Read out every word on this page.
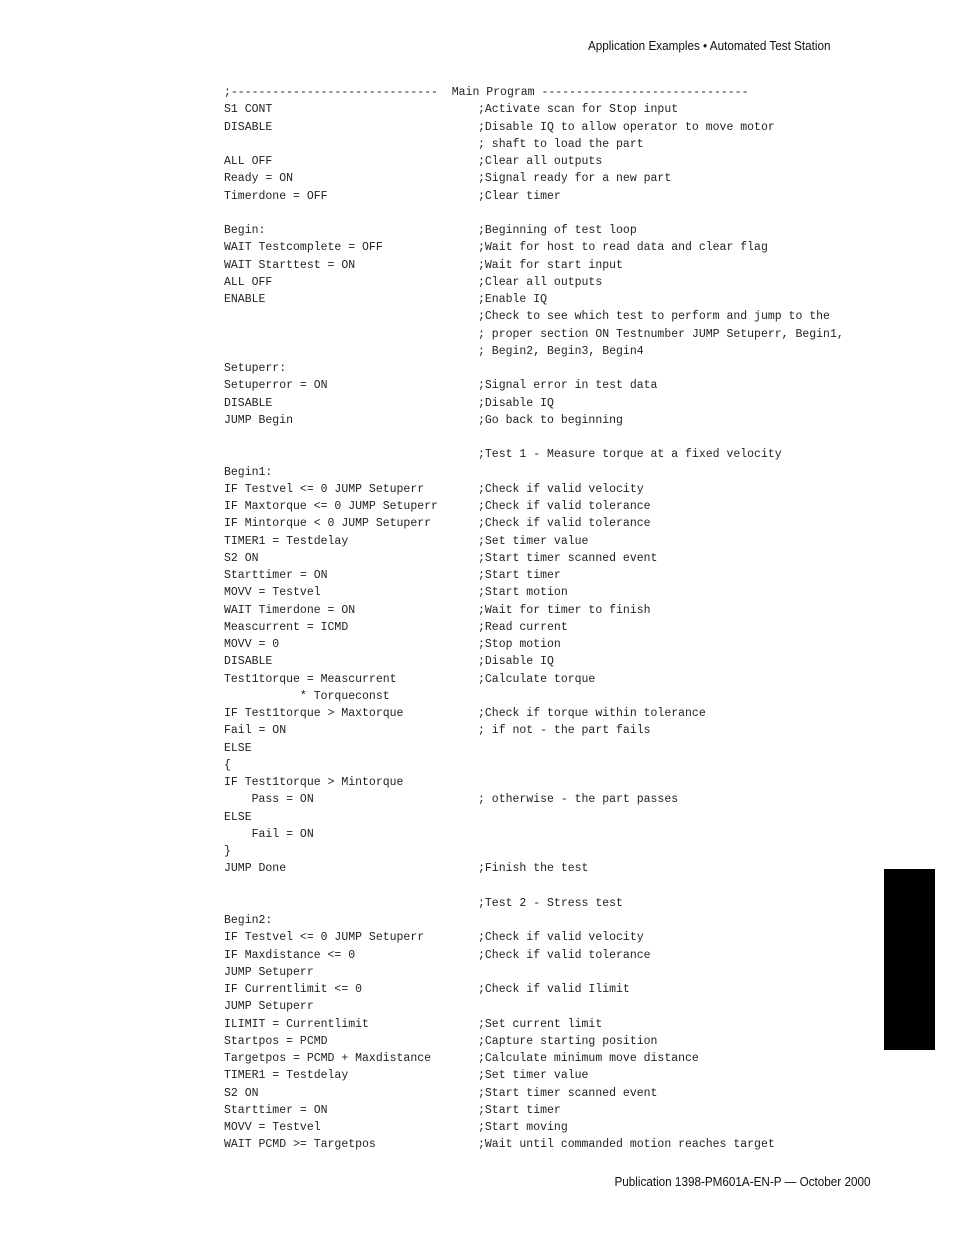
Application Examples • Automated Test Station
;------------------------------  Main Program ------------------------------
S1 CONT	;Activate scan for Stop input
DISABLE	;Disable IQ to allow operator to move motor
; shaft to load the part
ALL OFF	;Clear all outputs
Ready = ON	;Signal ready for a new part
Timerdone = OFF	;Clear timer
Begin:	;Beginning of test loop
WAIT Testcomplete = OFF	;Wait for host to read data and clear flag
WAIT Starttest = ON	;Wait for start input
ALL OFF	;Clear all outputs
ENABLE	;Enable IQ
;Check to see which test to perform and jump to the
; proper section ON Testnumber JUMP Setuperr, Begin1,
; Begin2, Begin3, Begin4
Setuperr:
Setuperror = ON	;Signal error in test data
DISABLE	;Disable IQ
JUMP Begin	;Go back to beginning
;Test 1 - Measure torque at a fixed velocity
Begin1:
IF Testvel <= 0 JUMP Setuperr	;Check if valid velocity
IF Maxtorque <= 0 JUMP Setuperr	;Check if valid tolerance
IF Mintorque < 0 JUMP Setuperr	;Check if valid tolerance
TIMER1 = Testdelay	;Set timer value
S2 ON	;Start timer scanned event
Starttimer = ON	;Start timer
MOVV = Testvel	;Start motion
WAIT Timerdone = ON	;Wait for timer to finish
Meascurrent = ICMD	;Read current
MOVV = 0	;Stop motion
DISABLE	;Disable IQ
Test1torque = Meascurrent	;Calculate torque
* Torqueconst
IF Test1torque > Maxtorque	;Check if torque within tolerance
Fail = ON	; if not - the part fails
ELSE
{
IF Test1torque > Mintorque
Pass = ON	; otherwise - the part passes
ELSE
Fail = ON
}
JUMP Done	;Finish the test
;Test 2 - Stress test
Begin2:
IF Testvel <= 0 JUMP Setuperr	;Check if valid velocity
IF Maxdistance <= 0	;Check if valid tolerance
JUMP Setuperr
IF Currentlimit <= 0	;Check if valid Ilimit
JUMP Setuperr
ILIMIT = Currentlimit	;Set current limit
Startpos = PCMD	;Capture starting position
Targetpos = PCMD + Maxdistance	;Calculate minimum move distance
TIMER1 = Testdelay	;Set timer value
S2 ON	;Start timer scanned event
Starttimer = ON	;Start timer
MOVV = Testvel	;Start moving
WAIT PCMD >= Targetpos	;Wait until commanded motion reaches target
Publication 1398-PM601A-EN-P — October 2000
